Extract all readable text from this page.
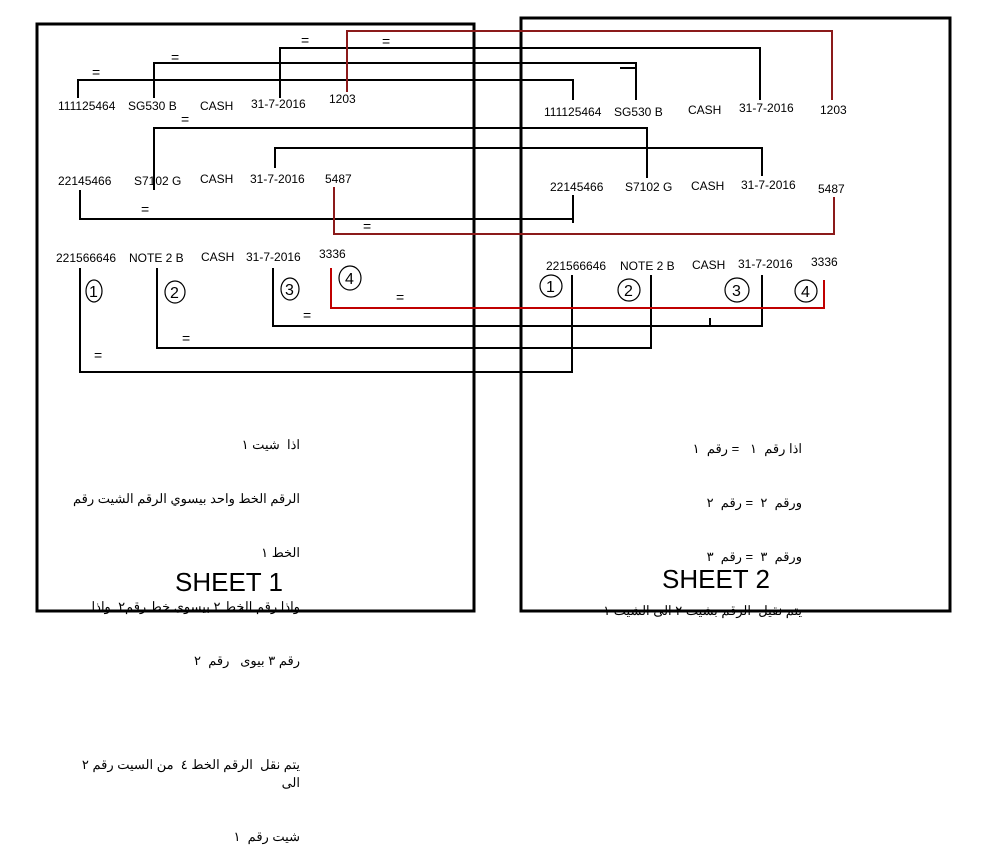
=
=
=	=
=
=
=
=
=
=
=
111125464 SG530 B CASH 31-7-2016 1203
22145466 S7102 G CASH 31-7-2016 5487
221566646 NOTE 2 B CASH 31-7-2016 3336
111125464 SG530 B CASH 31-7-2016 1203
22145466 S7102 G CASH 31-7-2016 5487
221566646 NOTE 2 B CASH 31-7-2016 3336
1	2	3
4	1	2	3	4

اذا  شيت ١

الرقم الخط واحد بيسوي الرقم الشيت رقم

الخط ١

واذا رقم الخط ٢ بيسوى خط رقم٢  واذا

رقم ٣ بيوى   رقم  ٢

يتم نقل  الرقم الخط ٤  من السيت رقم ٢ الى

شيت رقم  ١

اذا رقم  ١   = رقم  ١

ورقم  ٢  = رقم  ٢

ورقم  ٣  = رقم  ٣

يتم نقيل  الرقم بشيت ٢ الى الشيت ١

SHEET 1	SHEET 2
